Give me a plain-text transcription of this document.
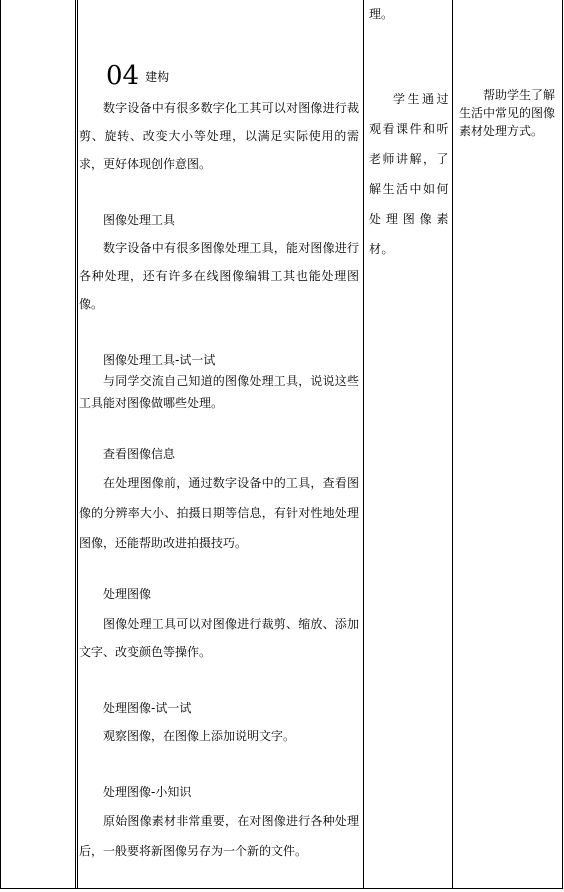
理。
04 建构

数字设备中有很多数字化工其可以对图像进行裁剪、旋转、改变大小等处理，以满足实际使用的需求，更好体现创作意图。

图像处理工具

数字设备中有很多图像处理工具，能对图像进行各种处理，还有许多在线图像编辑工其也能处理图像。

图像处理工具-试一试

与同学交流自己知道的图像处理工具，说说这些工具能对图像做哪些处理。

查看图像信息

在处理图像前，通过数字设备中的工具，查看图像的分辨率大小、拍摄日期等信息，有针对性地处理图像，还能帮助改进拍摄技巧。

处理图像

图像处理工具可以对图像进行裁剪、缩放、添加文字、改变颜色等操作。

处理图像-试一试

观察图像，在图像上添加说明文字。

处理图像-小知识

原始图像素材非常重要，在对图像进行各种处理后，一般要将新图像另存为一个新的文件。

学生通过观看课件和听老师讲解，了解生活中如何处理图像素材。

帮助学生了解生活中常见的图像素材处理方式。
